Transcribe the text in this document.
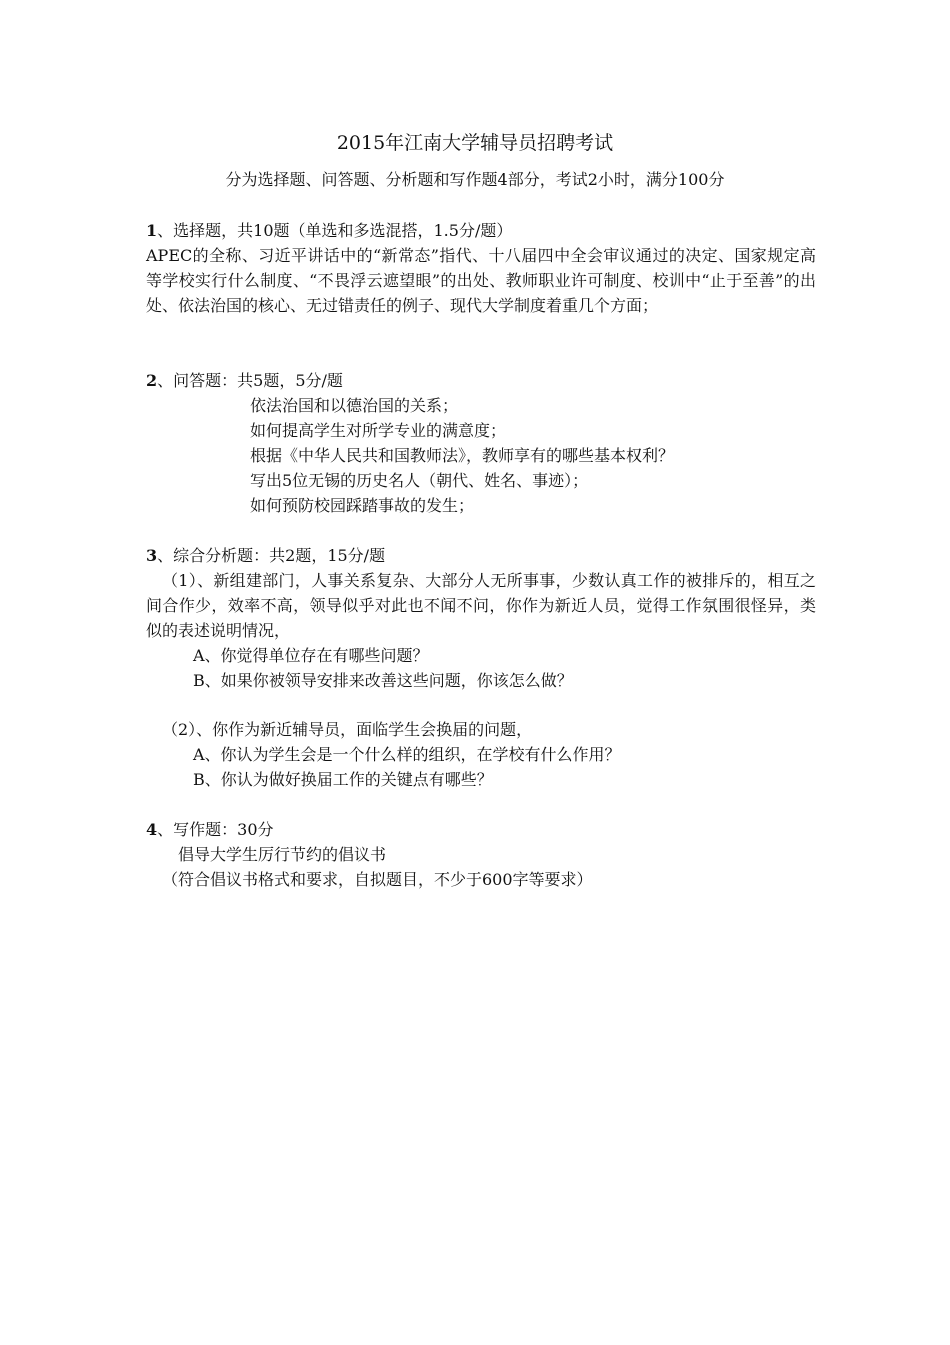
2015年江南大学辅导员招聘考试
分为选择题、问答题、分析题和写作题4部分，考试2小时，满分100分
1、选择题，共10题（单选和多选混搭，1.5分/题）
APEC的全称、习近平讲话中的“新常态”指代、十八届四中全会审议通过的决定、国家规定高等学校实行什么制度、“不畏浮云遮望眼”的出处、教师职业许可制度、校训中“止于至善”的出处、依法治国的核心、无过错责任的例子、现代大学制度着重几个方面；
2、问答题：共5题，5分/题
依法治国和以德治国的关系；
如何提高学生对所学专业的满意度；
根据《中华人民共和国教师法》，教师享有的哪些基本权利？
写出5位无锡的历史名人（朝代、姓名、事迹）；
如何预防校园踩踏事故的发生；
3、综合分析题：共2题，15分/题
（1）、新组建部门，人事关系复杂、大部分人无所事事，少数认真工作的被排斥的，相互之间合作少，效率不高，领导似乎对此也不闻不问，你作为新近人员，觉得工作氛围很怪异，类似的表述说明情况，
A、你觉得单位存在有哪些问题？
B、如果你被领导安排来改善这些问题，你该怎么做？
（2）、你作为新近辅导员，面临学生会换届的问题，
A、你认为学生会是一个什么样的组织，在学校有什么作用？
B、你认为做好换届工作的关键点有哪些？
4、写作题：30分
倡导大学生厉行节约的倡议书
（符合倡议书格式和要求，自拟题目，不少于600字等要求）
